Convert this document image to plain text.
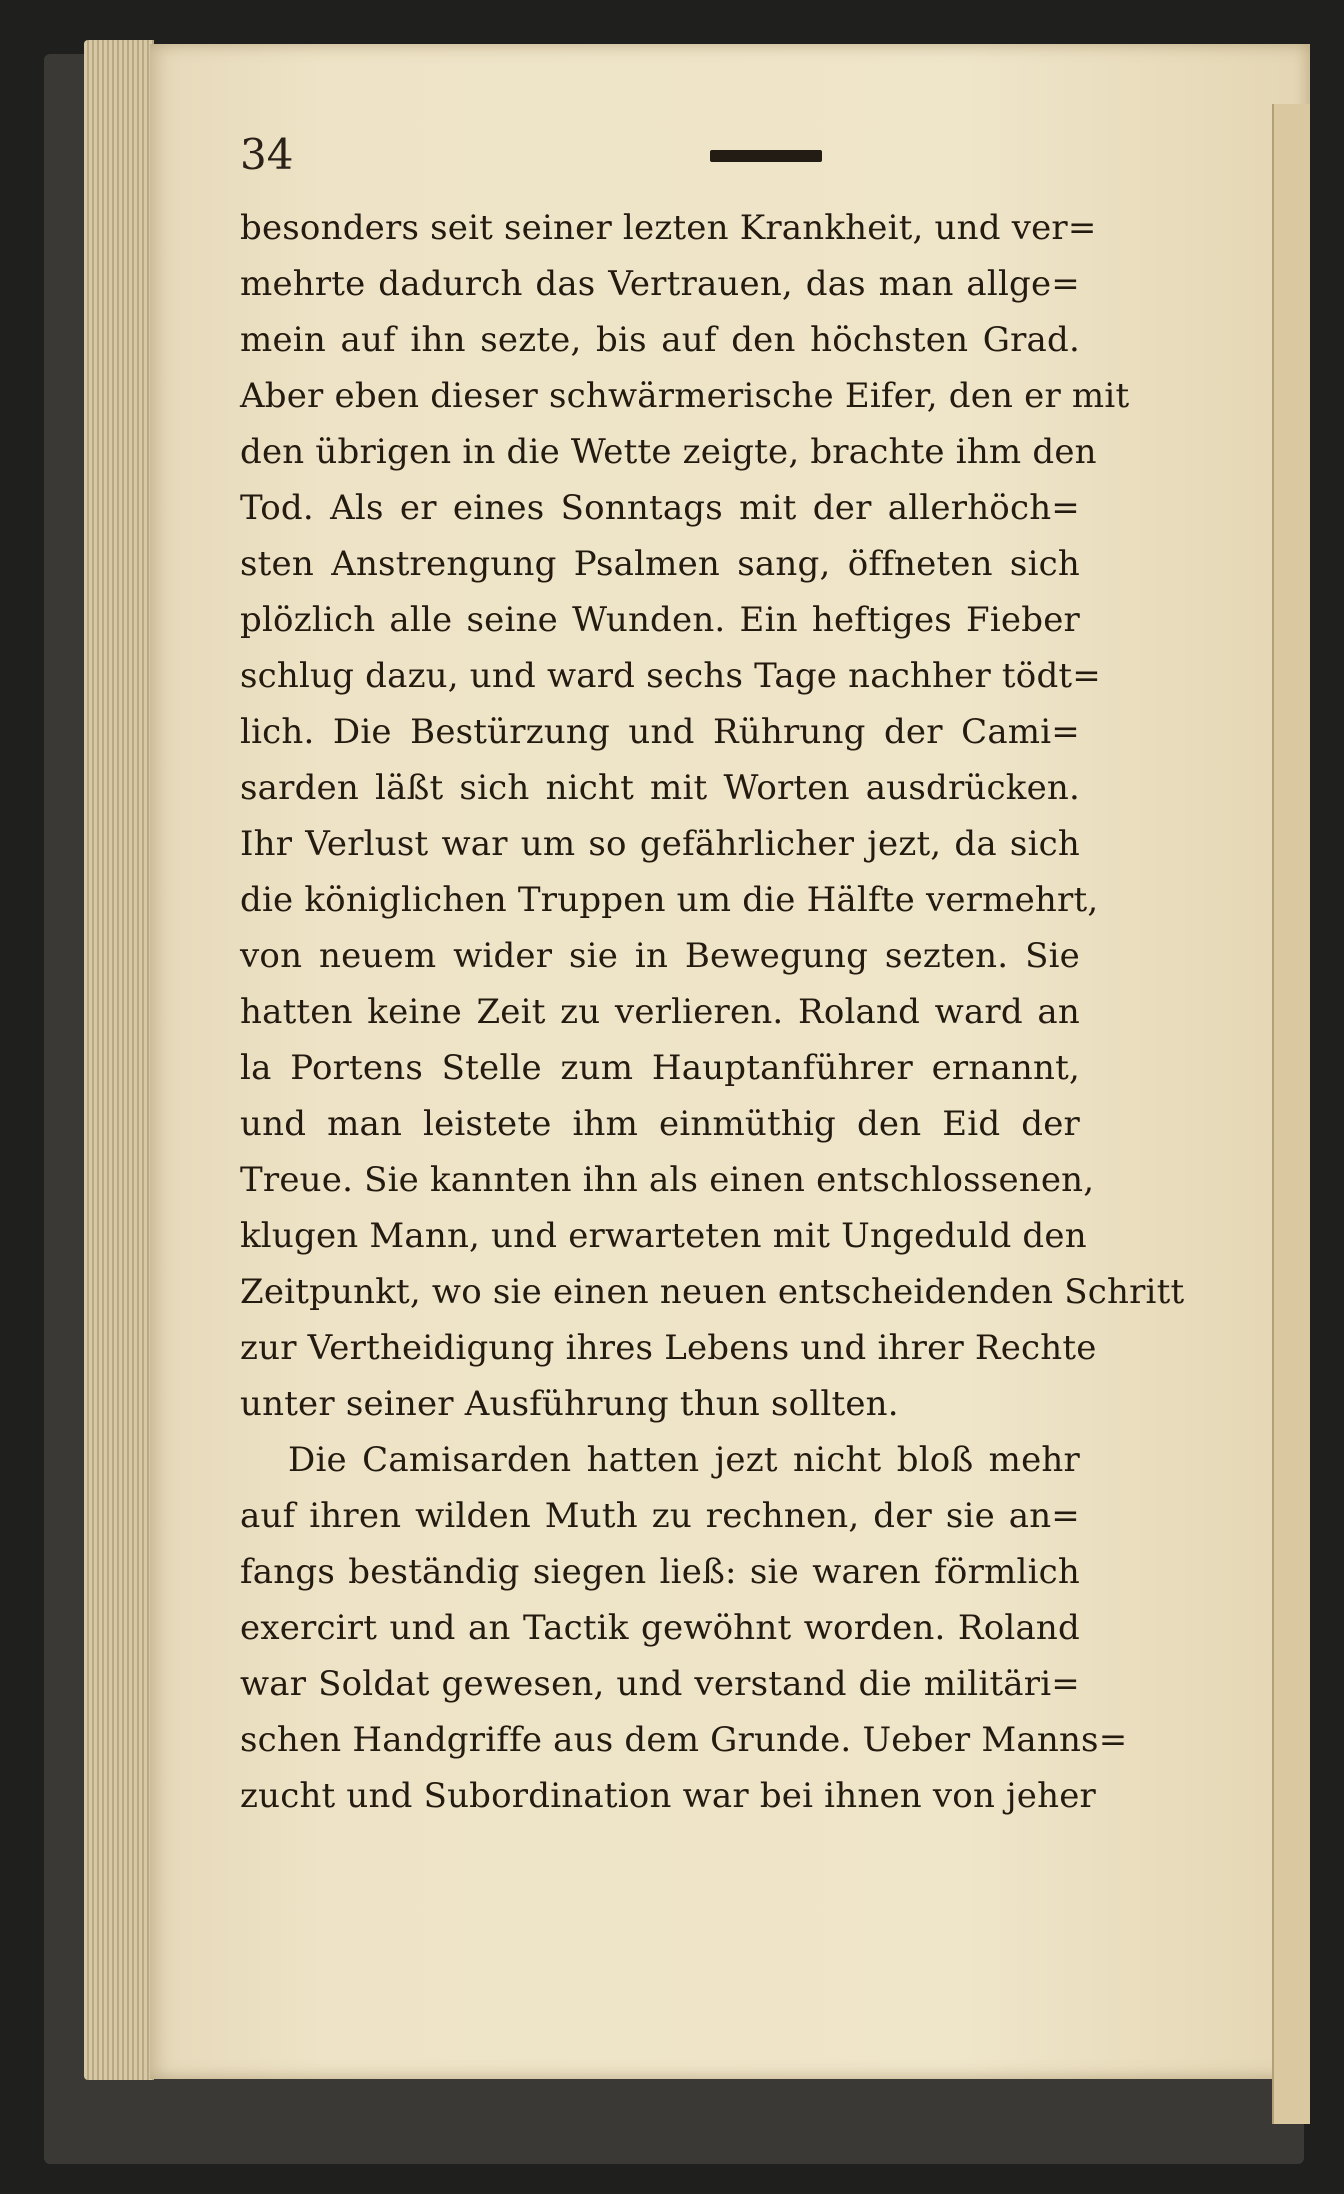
34
besonders seit seiner lezten Krankheit, und ver=
mehrte dadurch das Vertrauen, das man allge=
mein auf ihn sezte, bis auf den höchsten Grad.
Aber eben dieser schwärmerische Eifer, den er mit
den übrigen in die Wette zeigte, brachte ihm den
Tod. Als er eines Sonntags mit der allerhöch=
sten Anstrengung Psalmen sang, öffneten sich
plözlich alle seine Wunden. Ein heftiges Fieber
schlug dazu, und ward sechs Tage nachher tödt=
lich. Die Bestürzung und Rührung der Cami=
sarden läßt sich nicht mit Worten ausdrücken.
Ihr Verlust war um so gefährlicher jezt, da sich
die königlichen Truppen um die Hälfte vermehrt,
von neuem wider sie in Bewegung sezten. Sie
hatten keine Zeit zu verlieren. Roland ward an
la Portens Stelle zum Hauptanführer ernannt,
und man leistete ihm einmüthig den Eid der
Treue. Sie kannten ihn als einen entschlossenen,
klugen Mann, und erwarteten mit Ungeduld den
Zeitpunkt, wo sie einen neuen entscheidenden Schritt
zur Vertheidigung ihres Lebens und ihrer Rechte
unter seiner Ausführung thun sollten.
Die Camisarden hatten jezt nicht bloß mehr
auf ihren wilden Muth zu rechnen, der sie an=
fangs beständig siegen ließ: sie waren förmlich
exercirt und an Tactik gewöhnt worden. Roland
war Soldat gewesen, und verstand die militäri=
schen Handgriffe aus dem Grunde. Ueber Manns=
zucht und Subordination war bei ihnen von jeher
